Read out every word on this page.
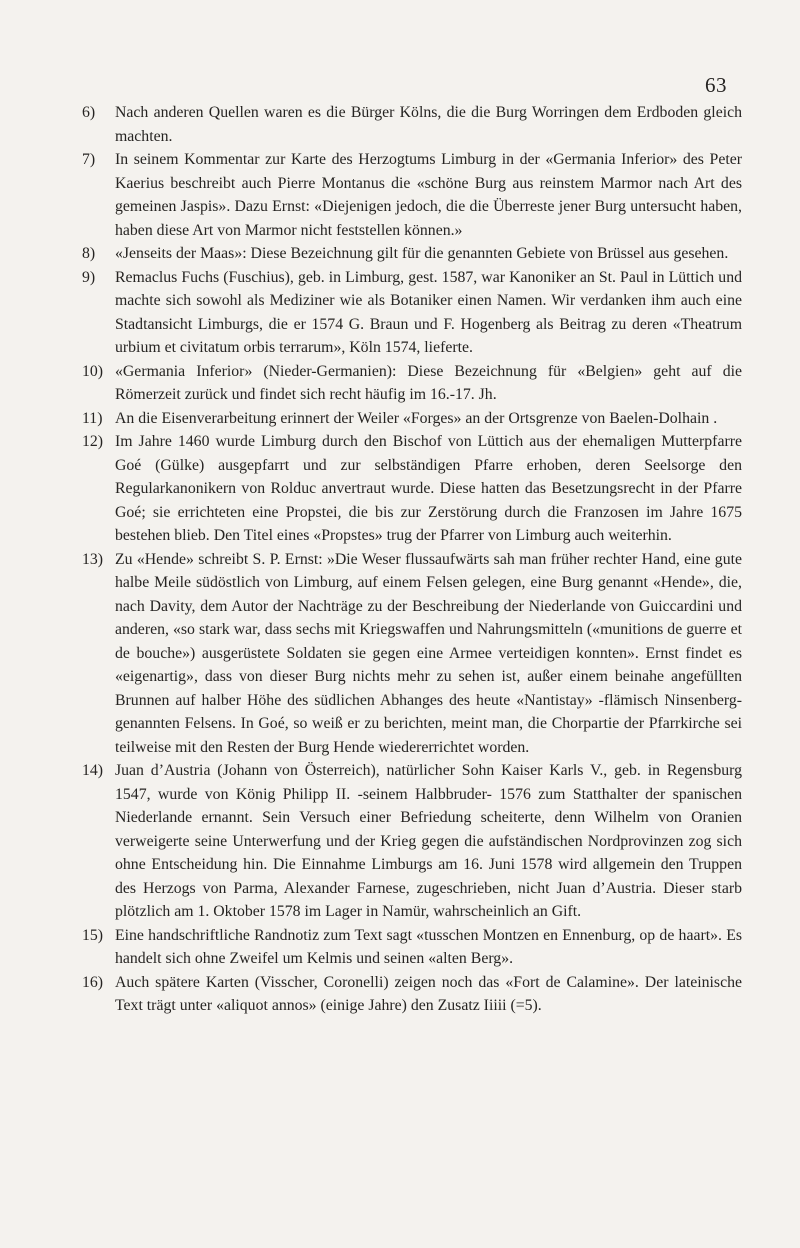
63
6)	Nach anderen Quellen waren es die Bürger Kölns, die die Burg Worringen dem Erdboden gleich machten.
7)	In seinem Kommentar zur Karte des Herzogtums Limburg in der «Germania Inferior» des Peter Kaerius beschreibt auch Pierre Montanus die «schöne Burg aus reinstem Marmor nach Art des gemeinen Jaspis». Dazu Ernst: «Diejenigen jedoch, die die Überreste jener Burg untersucht haben, haben diese Art von Marmor nicht feststellen können.»
8)	«Jenseits der Maas»: Diese Bezeichnung gilt für die genannten Gebiete von Brüssel aus gesehen.
9)	Remaclus Fuchs (Fuschius), geb. in Limburg, gest. 1587, war Kanoniker an St. Paul in Lüttich und machte sich sowohl als Mediziner wie als Botaniker einen Namen. Wir verdanken ihm auch eine Stadtansicht Limburgs, die er 1574 G. Braun und F. Hogenberg als Beitrag zu deren «Theatrum urbium et civitatum orbis terrarum», Köln 1574, lieferte.
10) «Germania Inferior» (Nieder-Germanien): Diese Bezeichnung für «Belgien» geht auf die Römerzeit zurück und findet sich recht häufig im 16.-17. Jh.
11) An die Eisenverarbeitung erinnert der Weiler «Forges» an der Ortsgrenze von Baelen-Dolhain .
12) Im Jahre 1460 wurde Limburg durch den Bischof von Lüttich aus der ehemaligen Mutterpfarre Goé (Gülke) ausgepfarrt und zur selbständigen Pfarre erhoben, deren Seelsorge den Regularkanonikern von Rolduc anvertraut wurde. Diese hatten das Besetzungsrecht in der Pfarre Goé; sie errichteten eine Propstei, die bis zur Zerstörung durch die Franzosen im Jahre 1675 bestehen blieb. Den Titel eines «Propstes» trug der Pfarrer von Limburg auch weiterhin.
13) Zu «Hende» schreibt S. P. Ernst: »Die Weser flussaufwärts sah man früher rechter Hand, eine gute halbe Meile südöstlich von Limburg, auf einem Felsen gelegen, eine Burg genannt «Hende», die, nach Davity, dem Autor der Nachträge zu der Beschreibung der Niederlande von Guiccardini und anderen, «so stark war, dass sechs mit Kriegswaffen und Nahrungsmitteln («munitions de guerre et de bouche») ausgerüstete Soldaten sie gegen eine Armee verteidigen konnten». Ernst findet es «eigenartig», dass von dieser Burg nichts mehr zu sehen ist, außer einem beinahe angefüllten Brunnen auf halber Höhe des südlichen Abhanges des heute «Nantistay» -flämisch Ninsenberg- genannten Felsens. In Goé, so weiß er zu berichten, meint man, die Chorpartie der Pfarrkirche sei teilweise mit den Resten der Burg Hende wiedererrichtet worden.
14) Juan d’Austria (Johann von Österreich), natürlicher Sohn Kaiser Karls V., geb. in Regensburg 1547, wurde von König Philipp II. -seinem Halbbruder- 1576 zum Statthalter der spanischen Niederlande ernannt. Sein Versuch einer Befriedung scheiterte, denn Wilhelm von Oranien verweigerte seine Unterwerfung und der Krieg gegen die aufständischen Nordprovinzen zog sich ohne Entscheidung hin. Die Einnahme Limburgs am 16. Juni 1578 wird allgemein den Truppen des Herzogs von Parma, Alexander Farnese, zugeschrieben, nicht Juan d’Austria. Dieser starb plötzlich am 1. Oktober 1578 im Lager in Namür, wahrscheinlich an Gift.
15) Eine handschriftliche Randnotiz zum Text sagt «tusschen Montzen en Ennenburg, op de haart». Es handelt sich ohne Zweifel um Kelmis und seinen «alten Berg».
16) Auch spätere Karten (Visscher, Coronelli) zeigen noch das «Fort de Calamine». Der lateinische Text trägt unter «aliquot annos» (einige Jahre) den Zusatz Iiiii (=5).
